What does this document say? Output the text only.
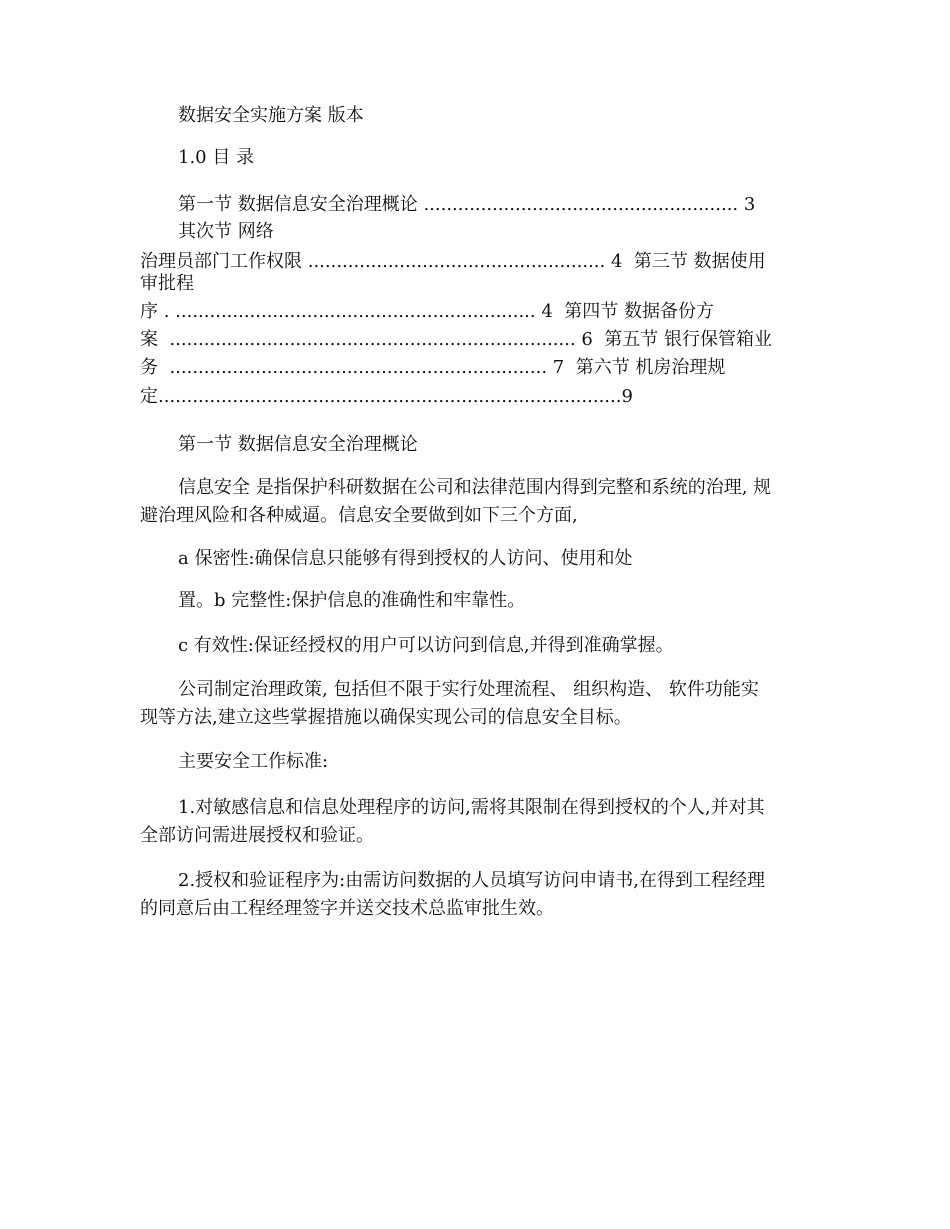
数据安全实施方案 版本
1.0 目 录
第一节 数据信息安全治理概论 ....................................................... 3
其次节 网络
治理员部门工作权限 .................................................... 4  第三节 数据使用
审批程
序 . ............................................................... 4  第四节 数据备份方
案  ....................................................................... 6  第五节 银行保管箱业
务  .................................................................. 7  第六节 机房治理规
定.................................................................................9
第一节 数据信息安全治理概论
信息安全 是指保护科研数据在公司和法律范围内得到完整和系统的治理, 规
避治理风险和各种威逼。信息安全要做到如下三个方面,
a 保密性:确保信息只能够有得到授权的人访问、使用和处
置。b 完整性:保护信息的准确性和牢靠性。
c 有效性:保证经授权的用户可以访问到信息,并得到准确掌握。
公司制定治理政策, 包括但不限于实行处理流程、 组织构造、 软件功能实
现等方法,建立这些掌握措施以确保实现公司的信息安全目标。
主要安全工作标准:
1.对敏感信息和信息处理程序的访问,需将其限制在得到授权的个人,并对其
全部访问需进展授权和验证。
2.授权和验证程序为:由需访问数据的人员填写访问申请书,在得到工程经理
的同意后由工程经理签字并送交技术总监审批生效。
